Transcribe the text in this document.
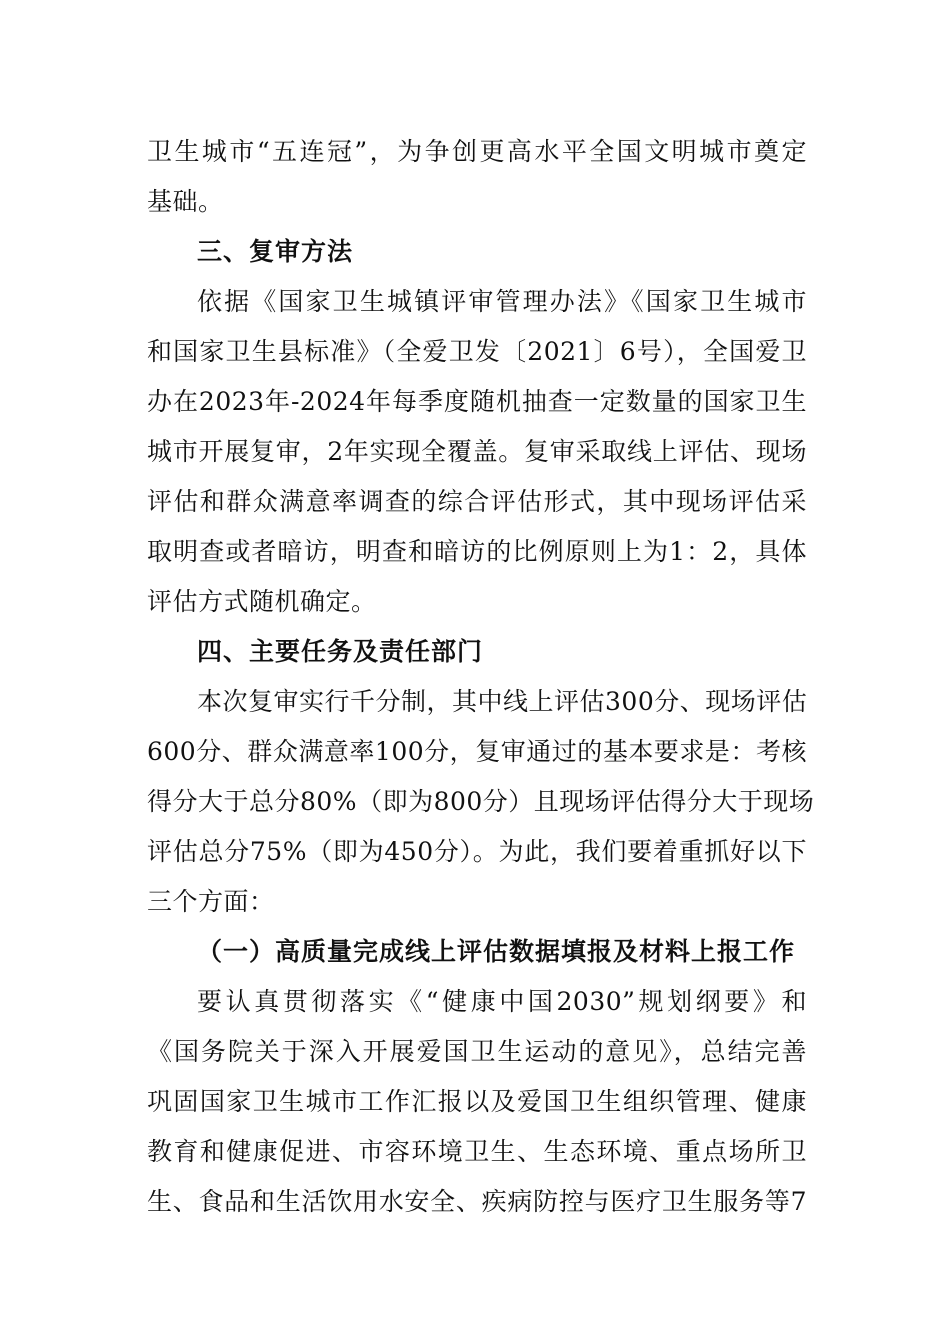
卫生城市“五连冠”，为争创更高水平全国文明城市奠定
基础。
三、复审方法
依据《国家卫生城镇评审管理办法》《国家卫生城市
和国家卫生县标准》（全爱卫发〔2021〕6号），全国爱卫
办在2023年-2024年每季度随机抽查一定数量的国家卫生
城市开展复审，2年实现全覆盖。复审采取线上评估、现场
评估和群众满意率调查的综合评估形式，其中现场评估采
取明查或者暗访，明查和暗访的比例原则上为1：2，具体
评估方式随机确定。
四、主要任务及责任部门
本次复审实行千分制，其中线上评估300分、现场评估
600分、群众满意率100分，复审通过的基本要求是：考核
得分大于总分80%（即为800分）且现场评估得分大于现场
评估总分75%（即为450分）。为此，我们要着重抓好以下
三个方面：
（一）高质量完成线上评估数据填报及材料上报工作
要认真贯彻落实《“健康中国2030”规划纲要》和
《国务院关于深入开展爱国卫生运动的意见》，总结完善
巩固国家卫生城市工作汇报以及爱国卫生组织管理、健康
教育和健康促进、市容环境卫生、生态环境、重点场所卫
生、食品和生活饮用水安全、疾病防控与医疗卫生服务等7
